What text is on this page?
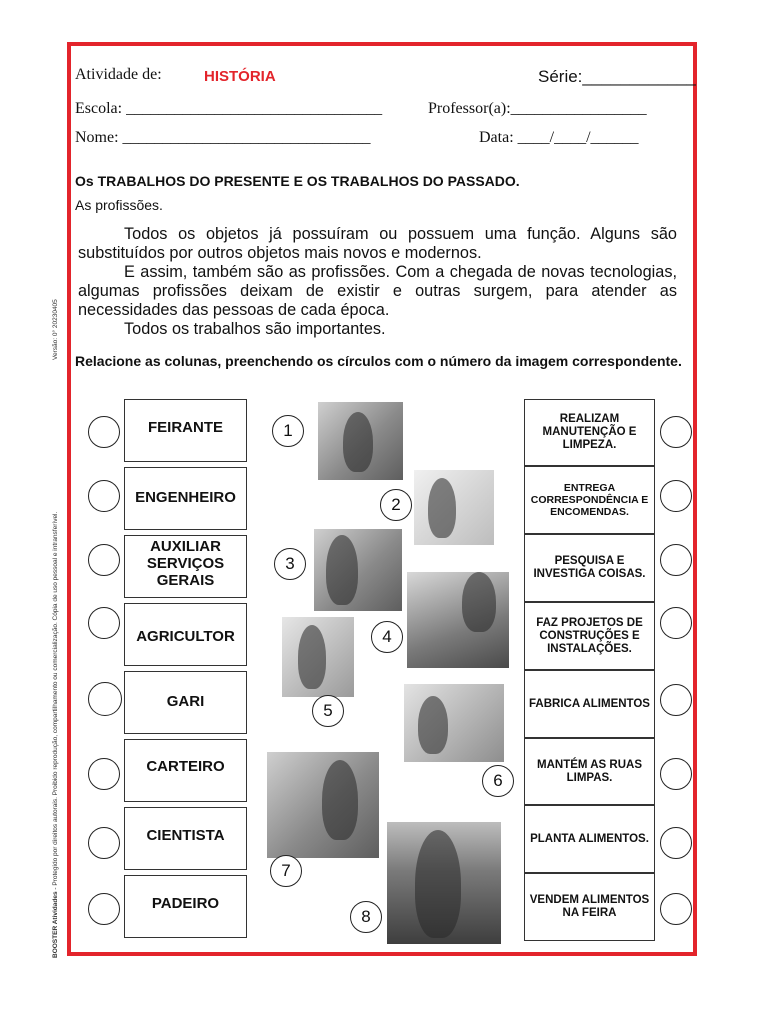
Versão: 0° 20230405
BOOSTER Atividades - Protegido por direitos autorais. Proibido reprodução, compartilhamento ou comercialização. Cópia de uso pessoal e intransferível.
Atividade de:	HISTÓRIA	Série:____________
Escola: ________________________________	Professor(a):_________________
Nome: _______________________________	Data: ____/____/______
Os TRABALHOS DO PRESENTE E OS TRABALHOS DO PASSADO.
As profissões.
Todos os objetos já possuíram ou possuem uma função. Alguns são substituídos por outros objetos mais novos e modernos.
E assim, também são as profissões. Com a chegada de novas tecnologias, algumas profissões deixam de existir e outras surgem, para atender as necessidades das pessoas de cada época.
Todos os trabalhos são importantes.
Relacione as colunas, preenchendo os círculos com o número da imagem correspondente.
FEIRANTE
ENGENHEIRO
AUXILIAR SERVIÇOS GERAIS
AGRICULTOR
GARI
CARTEIRO
CIENTISTA
PADEIRO
REALIZAM MANUTENÇÃO E LIMPEZA.
ENTREGA CORRESPONDÊNCIA E ENCOMENDAS.
PESQUISA E INVESTIGA COISAS.
FAZ PROJETOS DE CONSTRUÇÕES E INSTALAÇÕES.
FABRICA ALIMENTOS
MANTÉM AS RUAS LIMPAS.
PLANTA ALIMENTOS.
VENDEM ALIMENTOS NA FEIRA
1
2
3
4
5
6
7
8
